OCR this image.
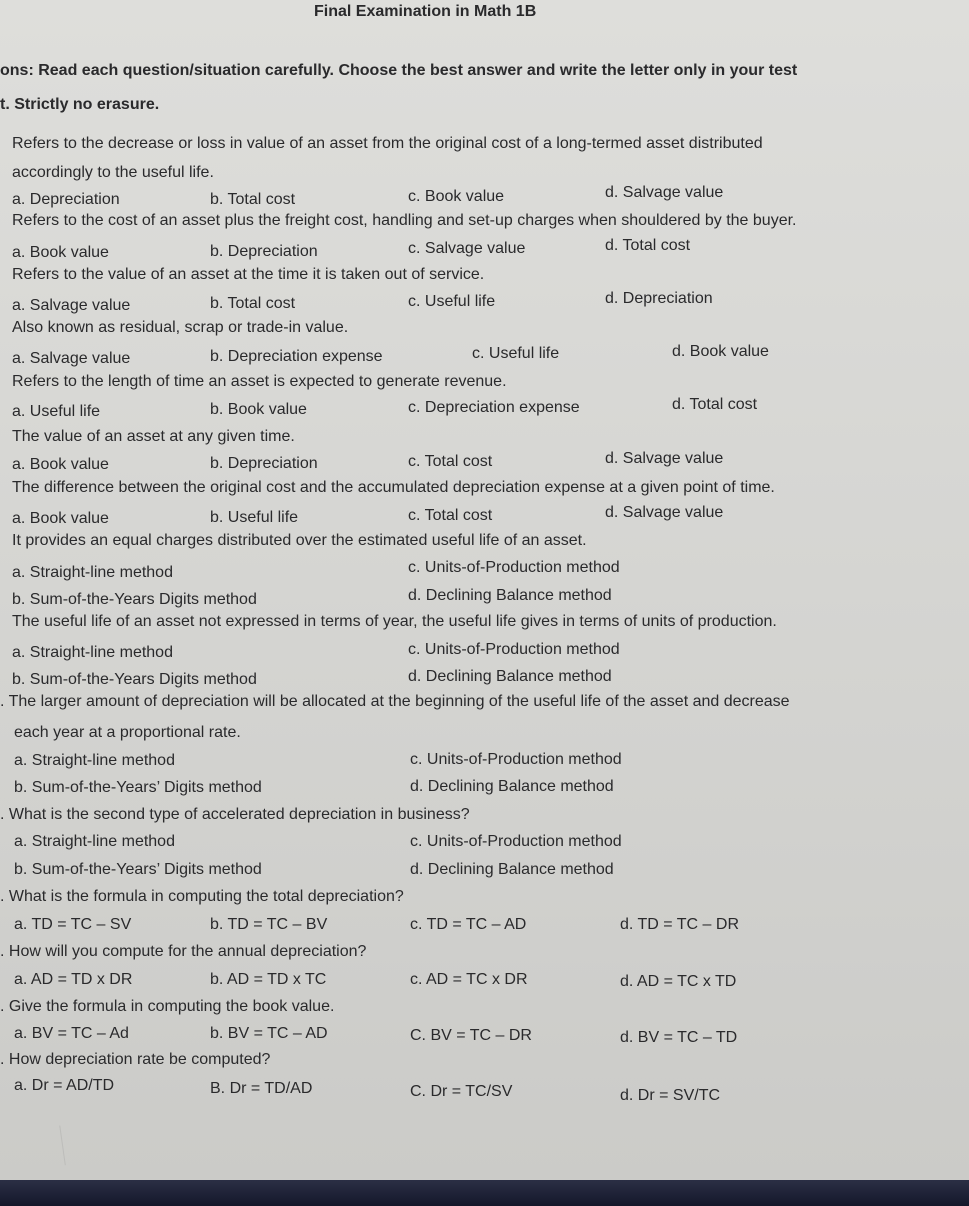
Final Examination in Math 1B
ons: Read each question/situation carefully. Choose the best answer and write the letter only in your test
t. Strictly no erasure.
Refers to the decrease or loss in value of an asset from the original cost of a long-termed asset distributed
accordingly to the useful life.
a. Depreciation	b. Total cost	c. Book value	d. Salvage value
Refers to the cost of an asset plus the freight cost, handling and set-up charges when shouldered by the buyer.
a. Book value	b. Depreciation	c. Salvage value	d. Total cost
Refers to the value of an asset at the time it is taken out of service.
a. Salvage value	b. Total cost	c. Useful life	d. Depreciation
Also known as residual, scrap or trade-in value.
a. Salvage value	b. Depreciation expense	c. Useful life	d. Book value
Refers to the length of time an asset is expected to generate revenue.
a. Useful life	b. Book value	c. Depreciation expense	d. Total cost
The value of an asset at any given time.
a. Book value	b. Depreciation	c. Total cost	d. Salvage value
The difference between the original cost and the accumulated depreciation expense at a given point of time.
a. Book value	b. Useful life	c. Total cost	d. Salvage value
It provides an equal charges distributed over the estimated useful life of an asset.
a. Straight-line method	c. Units-of-Production method
b. Sum-of-the-Years Digits method	d. Declining Balance method
The useful life of an asset not expressed in terms of year, the useful life gives in terms of units of production.
a. Straight-line method	c. Units-of-Production method
b. Sum-of-the-Years Digits method	d. Declining Balance method
. The larger amount of depreciation will be allocated at the beginning of the useful life of the asset and decrease
each year at a proportional rate.
a. Straight-line method	c. Units-of-Production method
b. Sum-of-the-Years’ Digits method	d. Declining Balance method
. What is the second type of accelerated depreciation in business?
a. Straight-line method	c. Units-of-Production method
b. Sum-of-the-Years’ Digits method	d. Declining Balance method
. What is the formula in computing the total depreciation?
a. TD = TC – SV	b. TD = TC – BV	c. TD = TC – AD	d. TD = TC – DR
. How will you compute for the annual depreciation?
a. AD = TD x DR	b. AD = TD x TC	c. AD = TC x DR	d. AD = TC x TD
. Give the formula in computing the book value.
a. BV = TC – Ad	b. BV = TC – AD	C. BV = TC – DR	d. BV = TC – TD
. How depreciation rate be computed?
a. Dr = AD/TD	B. Dr = TD/AD	C. Dr = TC/SV	d. Dr = SV/TC
